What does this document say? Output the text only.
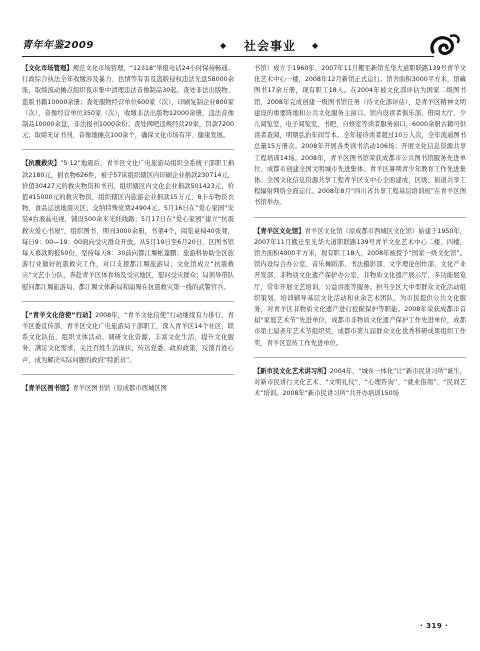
青年年鉴2009	◆ 社会事业 ◆

【文化市场管理】规范文化市场管理，“12318”举报电话24小时保持畅通。行政综合执法全年收缴涉及暴力、色情等有害及盗版侵权违法光盘58000余张，取缔流动摊点组织夜市集中清理违法音像制品30起，查处非法出版物、盗版书籍10000余册；查处服物经营单位600家（次），印刷复制企业800家（次），音像经营单位350家（次），收缴非法出版物12000余册，违法音像制品10000余盘，非法报刊1000余份；查处网吧违规经营20家，罚款7200元；取缔无证书刊、音像地摊点100余个，确保文化市场有序、健康发展。

【抗震救灾】“5·12”地震后，青羊区文化广电旅游局组织全系统干部职工捐款2180元，捐衣物626件，被子57床组织辖区内印刷企业捐款230714元，价值30427元的救灾物资和书刊，组织辖区内文化企业捐款501423元，价值415000元的救灾物资，组织辖区内旅游企业捐款15万元、8卡车物资衣物、食品运送地震灾区；交纳特殊党费24904元。5月16日在“爱心家园”安装4台液晶电视，铺设500余米光纤线路；5月17日在“爱心家园”建立“抗震救灾爱心书屋”，组织图书、期刊3000余册，书架4个，阅览桌椅40张凳，每日9：00—19：00面向受灾群众开放。从5月19日至6月20日，区图书馆每天募款购报50份，坚持每天8：30前向都江堰帐篷鹏；旅游科协助全区旅游行业做好抗震救灾工作，对口支援都江堰旅游局；文化馆成立“抗震救灾”文艺小分队，奔赴青羊区体育场及受灾地区，慰问受灾群众；局领导带队慰问都江堰旅游局、都江堰文体新局和崩殒在抗震救灾第一线的武警官兵。

【“青羊文化信使”行动】2008年，“青羊文化信使”行动继续有力推行，青羊区委宣传部、青羊区文化广电旅游局干部职工，深入青羊区14个社区，联系文化队伍、组织文体活动、调研文化资源、丰富文化生活、提升文化服务、满足文化需求，关注百姓生活现状，传达党委、政府政策，反馈百姓心声，成为解决实际问题的政府“特派员”。

【青羊区图书馆】青羊区图书馆（原成都市西城区图

书馆）成立于1960年，2007年11月搬至新馆光华大道职联路139号青羊文化艺术中心一楼，2008年12月新馆正式运行。馆舍面积3000平方米，馆藏图书17余万册，现有职工18人。在2004年被文化部评估为国家二级图书馆，2008年完成创建一级图书馆任务（待文化部评估），是青羊区精神文明建设的重要阵地和公共文化服务主窗口。馆内设读者俱乐部、借阅大厅、少儿阅览室、电子阅览室、书吧、自修室等读者服务窗口，6000余册古籍可供读者查阅，明朝弘治年间写本。全年接待读者超过10万人次，全年流通图书总量15万册次。2008年开展各类读书活动106场；开展文化信息资源共享工程培训14场。2008年，青羊区图书馆荣获成都市公共图书馆服务先进单位、成都市创建全国文明城市先进集体、青羊区暑期青少年教育工作先进集体。全国文化信息资源共享工程青羊区支中心全面建成，区级、街道共享工程辐射网络全面运行。2008年8月“四川省共享工程基层培训班”在青羊区图书馆举办。

【青羊区文化馆】青羊区文化馆（原成都市西城区文化馆）始建于1950年，2007年11月搬迁至光华大道职联路139号青羊文化艺术中心二楼、四楼，馆舍面积4000平方米，现有职工18人，2008年被授予“国家一级文化馆”。馆内设综合办公室、音乐舞蹈部、书法摄影部、文学理论创作部、文化产业开发部、非物质文化遗产保护办公室，非物质文化遗产展示厅，多功能展览厅，常年开展文艺培训、公益讲座等服务。担当全区大中型群众文化活动组织策划，培训辅导基层文化活动和业余艺术团队，为市民提供公共文化服务，对青羊区非物质文化遗产进行挖掘保护等职能。2008年荣获成都市首届“家庭艺术节”先进单位，成都市非物质文化遗产保护工作先进单位，成都市第七届老年艺术节组织奖，成都市第九届群众文化优秀科研成果组织工作奖，青羊区宣传工作先进单位。

【新市民文化艺术讲习所】2004年，“城乡一体化”让“新市民讲习所”诞生，对新市民讲行文化艺术、“文明礼仪”、“心理咨询”、“就业指南”、“民间艺术”培训。2008年“新市民讲习所”共开办培训150场

· 319 ·
